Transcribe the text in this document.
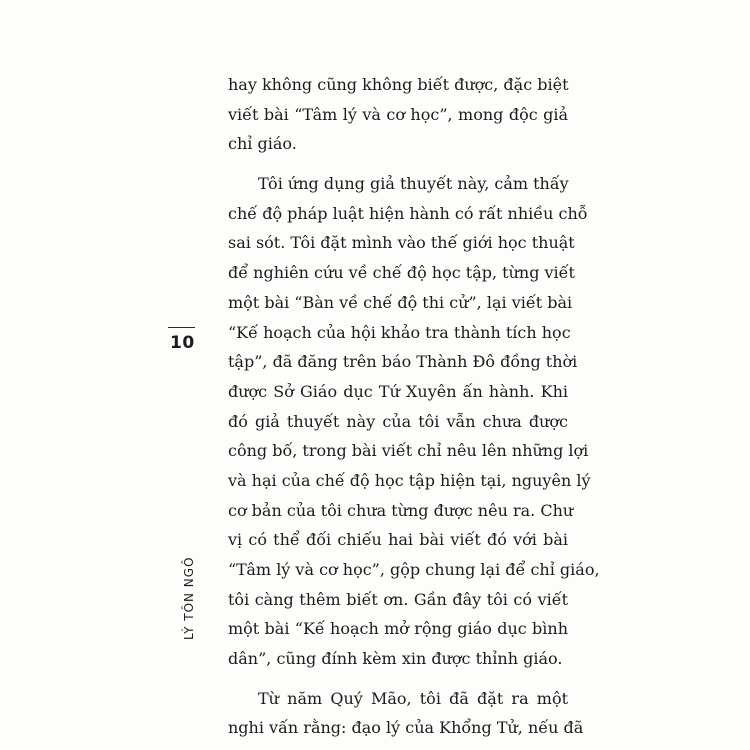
10
LÝ TÔN NGÔ
hay không cũng không biết được, đặc biệt
viết bài “Tâm lý và cơ học”, mong độc giả
chỉ giáo.
Tôi ứng dụng giả thuyết này, cảm thấy
chế độ pháp luật hiện hành có rất nhiều chỗ
sai sót. Tôi đặt mình vào thế giới học thuật
để nghiên cứu về chế độ học tập, từng viết
một bài “Bàn về chế độ thi cử”, lại viết bài
“Kế hoạch của hội khảo tra thành tích học
tập”, đã đăng trên báo Thành Đô đồng thời
được Sở Giáo dục Tứ Xuyên ấn hành. Khi
đó giả thuyết này của tôi vẫn chưa được
công bố, trong bài viết chỉ nêu lên những lợi
và hại của chế độ học tập hiện tại, nguyên lý
cơ bản của tôi chưa từng được nêu ra. Chư
vị có thể đối chiếu hai bài viết đó với bài
“Tâm lý và cơ học”, gộp chung lại để chỉ giáo,
tôi càng thêm biết ơn. Gần đây tôi có viết
một bài “Kế hoạch mở rộng giáo dục bình
dân”, cũng đính kèm xin được thỉnh giáo.
Từ năm Quý Mão, tôi đã đặt ra một
nghi vấn rằng: đạo lý của Khổng Tử, nếu đã
